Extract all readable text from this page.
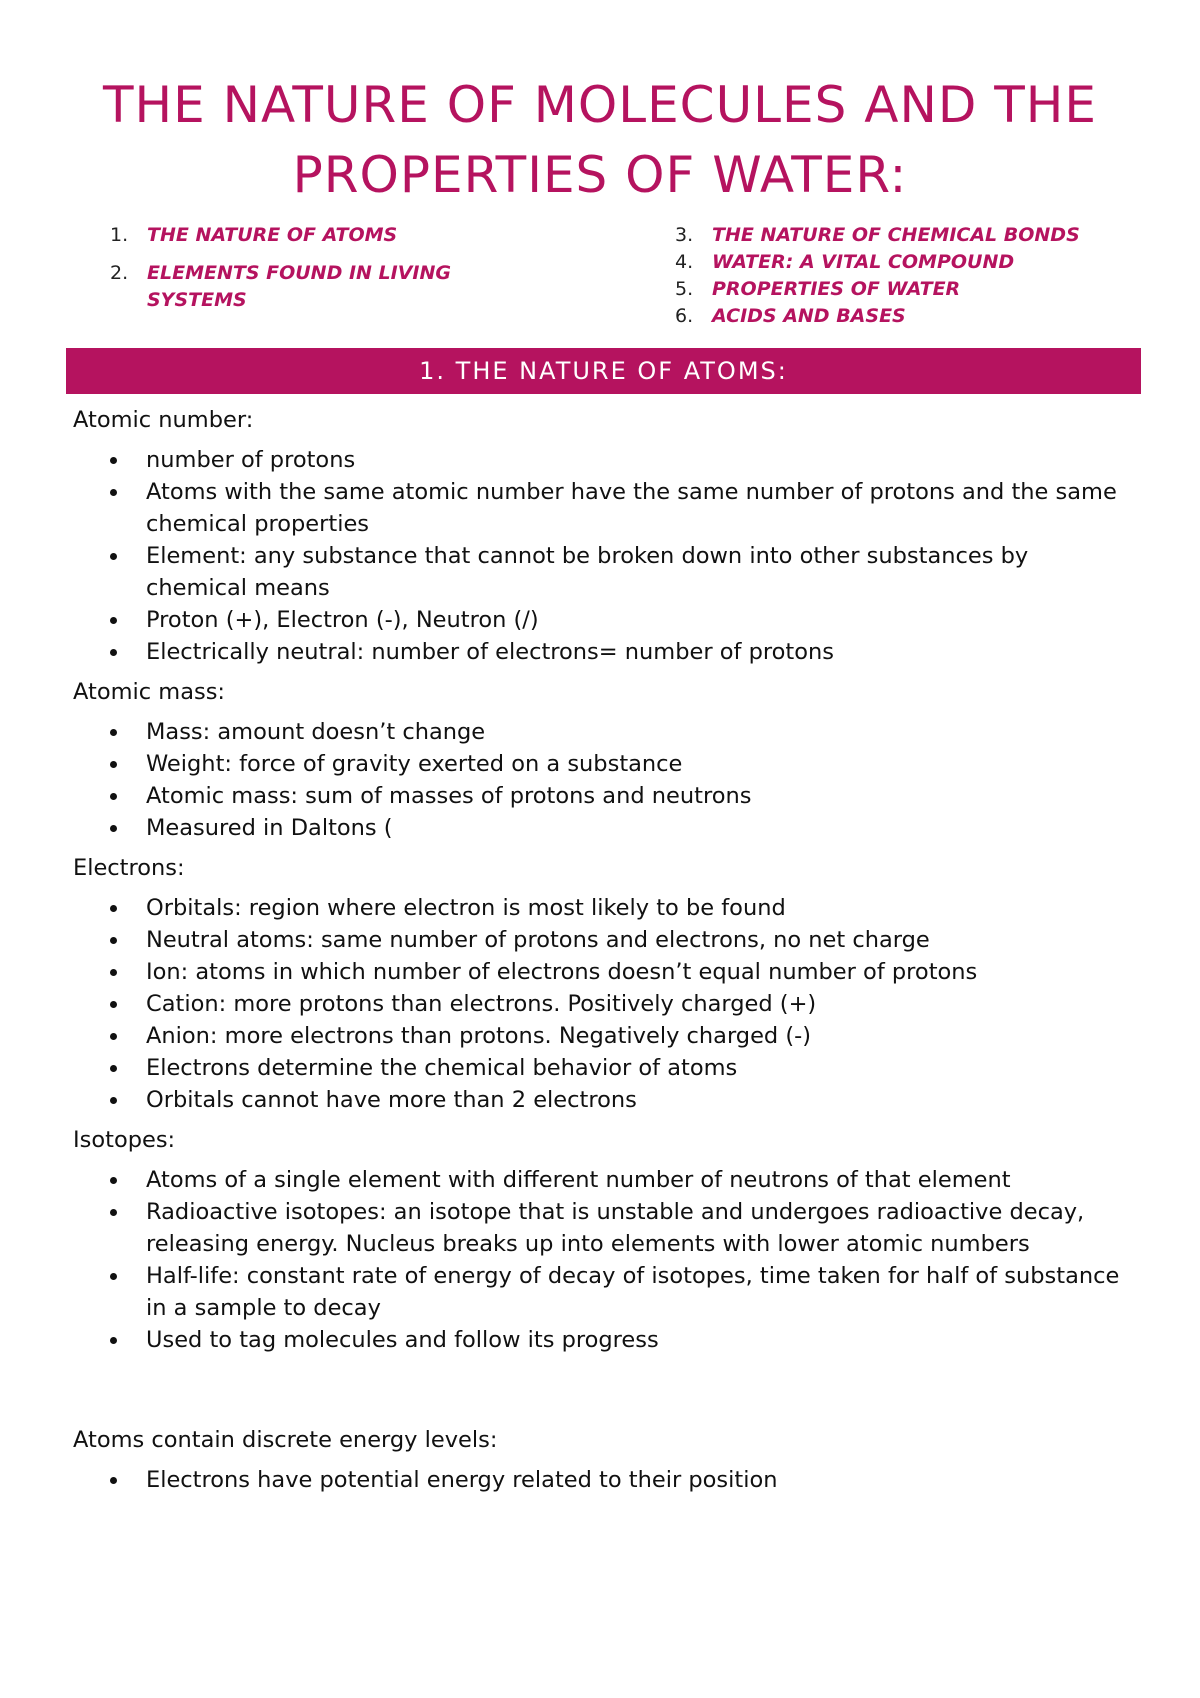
THE NATURE OF MOLECULES AND THE PROPERTIES OF WATER:
1. THE NATURE OF ATOMS
2. ELEMENTS FOUND IN LIVING SYSTEMS
3. THE NATURE OF CHEMICAL BONDS
4. WATER: A VITAL COMPOUND
5. PROPERTIES OF WATER
6. ACIDS AND BASES
1. THE NATURE OF ATOMS:

Atomic number:

number of protons
Atoms with the same atomic number have the same number of protons and the same chemical properties
Element: any substance that cannot be broken down into other substances by chemical means
Proton (+), Electron (-), Neutron (/)
Electrically neutral: number of electrons= number of protons

Atomic mass:

Mass: amount doesn’t change
Weight: force of gravity exerted on a substance
Atomic mass: sum of masses of protons and neutrons
Measured in Daltons (

Electrons:

Orbitals: region where electron is most likely to be found
Neutral atoms: same number of protons and electrons, no net charge
Ion: atoms in which number of electrons doesn’t equal number of protons
Cation: more protons than electrons. Positively charged (+)
Anion: more electrons than protons. Negatively charged (-)
Electrons determine the chemical behavior of atoms
Orbitals cannot have more than 2 electrons

Isotopes:

Atoms of a single element with different number of neutrons of that element
Radioactive isotopes: an isotope that is unstable and undergoes radioactive decay, releasing energy. Nucleus breaks up into elements with lower atomic numbers
Half-life: constant rate of energy of decay of isotopes, time taken for half of substance in a sample to decay
Used to tag molecules and follow its progress

Atoms contain discrete energy levels:

Electrons have potential energy related to their position
